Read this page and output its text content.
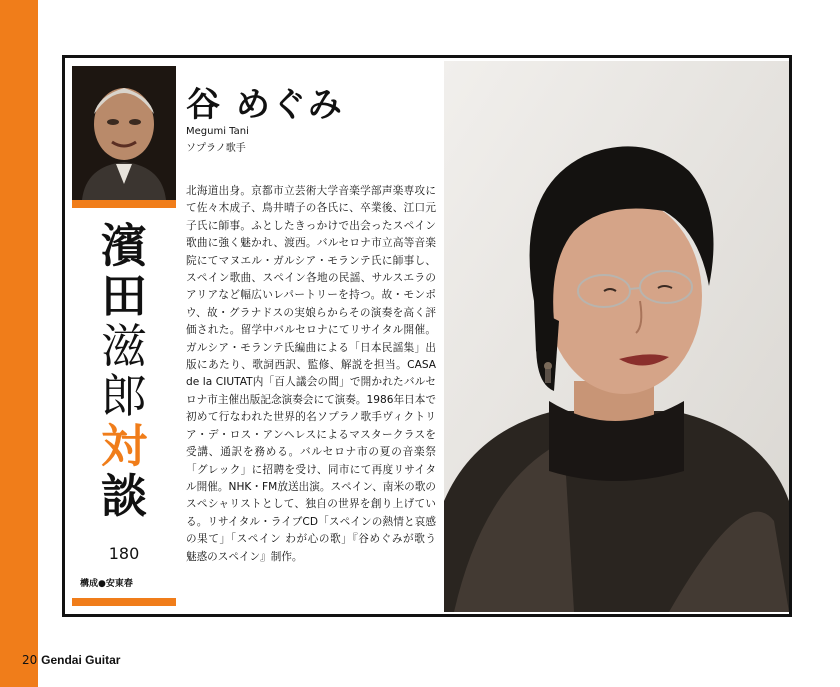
濱
田
滋
郎
対
談
180
構成●安東春
谷 めぐみ
Megumi Tani
ソプラノ歌手
北海道出身。京都市立芸術大学音楽学部声楽専攻にて佐々木成子、鳥井晴子の各氏に、卒業後、江口元子氏に師事。ふとしたきっかけで出会ったスペイン歌曲に強く魅かれ、渡西。バルセロナ市立高等音楽院にてマヌエル・ガルシア・モランテ氏に師事し、スペイン歌曲、スペイン各地の民謡、サルスエラのアリアなど幅広いレパートリーを持つ。故・モンポウ、故・グラナドスの実娘らからその演奏を高く評価された。留学中バルセロナにてリサイタル開催。ガルシア・モランテ氏編曲による「日本民謡集」出版にあたり、歌詞西訳、監修、解説を担当。CASA de la CIUTAT内「百人議会の間」で開かれたバルセロナ市主催出版記念演奏会にて演奏。1986年日本で初めて行なわれた世界的名ソプラノ歌手ヴィクトリア・デ・ロス・アンヘレスによるマスタークラスを受講、通訳を務める。バルセロナ市の夏の音楽祭「グレック」に招聘を受け、同市にて再度リサイタル開催。NHK・FM放送出演。スペイン、南米の歌のスペシャリストとして、独自の世界を創り上げている。リサイタル・ライブCD「スペインの熱情と哀感の果て」「スペイン わが心の歌」『谷めぐみが歌う 魅惑のスペイン』制作。
20 Gendai Guitar
